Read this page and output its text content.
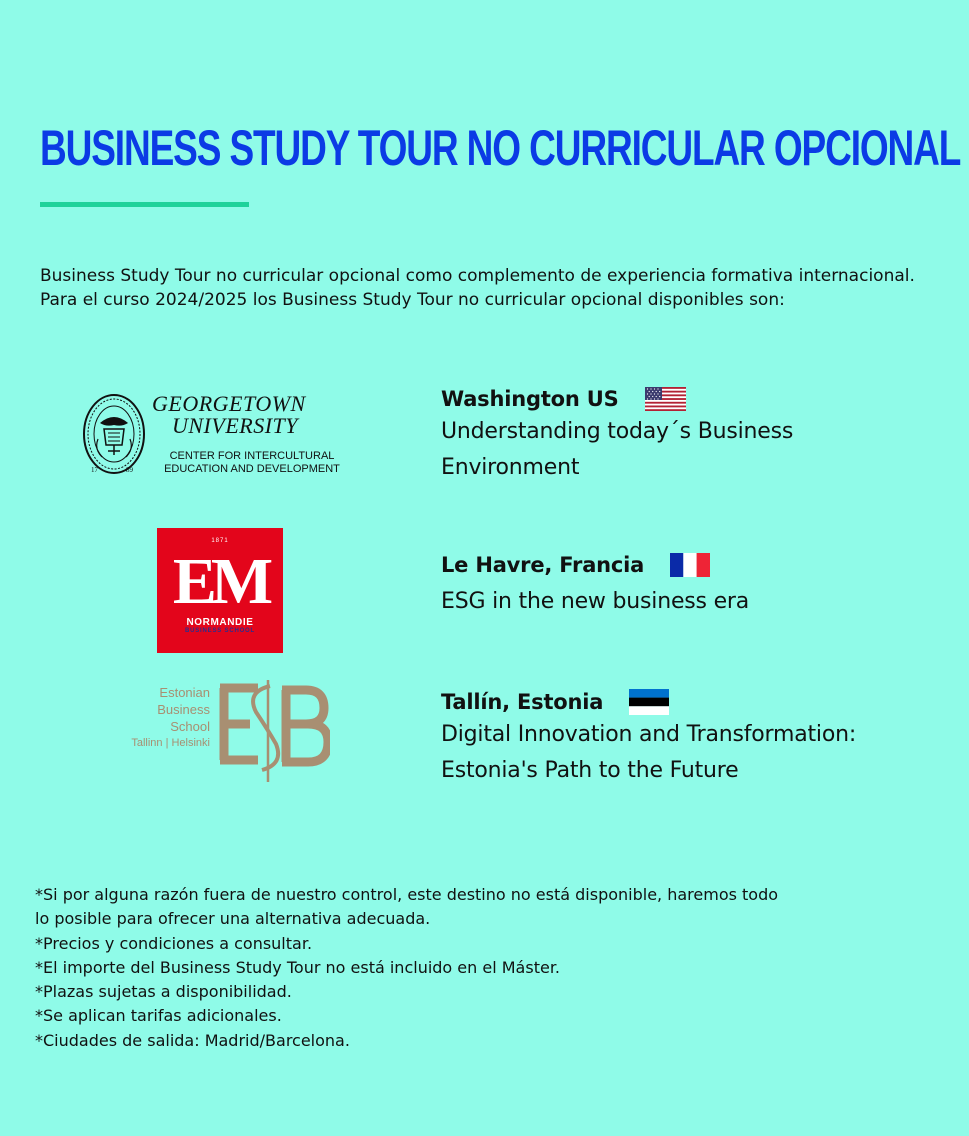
BUSINESS STUDY TOUR NO CURRICULAR OPCIONAL
Business Study Tour no curricular opcional como complemento de experiencia formativa internacional.
Para el curso 2024/2025 los Business Study Tour no curricular opcional disponibles son:
17	89
GEORGETOWN
UNIVERSITY
CENTER FOR INTERCULTURAL
EDUCATION AND DEVELOPMENT
Washington US
Understanding today´s Business Environment
1871
EM
NORMANDIE
BUSINESS SCHOOL
Le Havre, Francia
ESG in the new business era
Estonian
Business
School
Tallinn | Helsinki
Tallín, Estonia
Digital Innovation and Transformation: Estonia's Path to the Future
*Si por alguna razón fuera de nuestro control, este destino no está disponible, haremos todo
lo posible para ofrecer una alternativa adecuada.
*Precios y condiciones a consultar.
*El importe del Business Study Tour no está incluido en el Máster.
*Plazas sujetas a disponibilidad.
*Se aplican tarifas adicionales.
*Ciudades de salida: Madrid/Barcelona.
